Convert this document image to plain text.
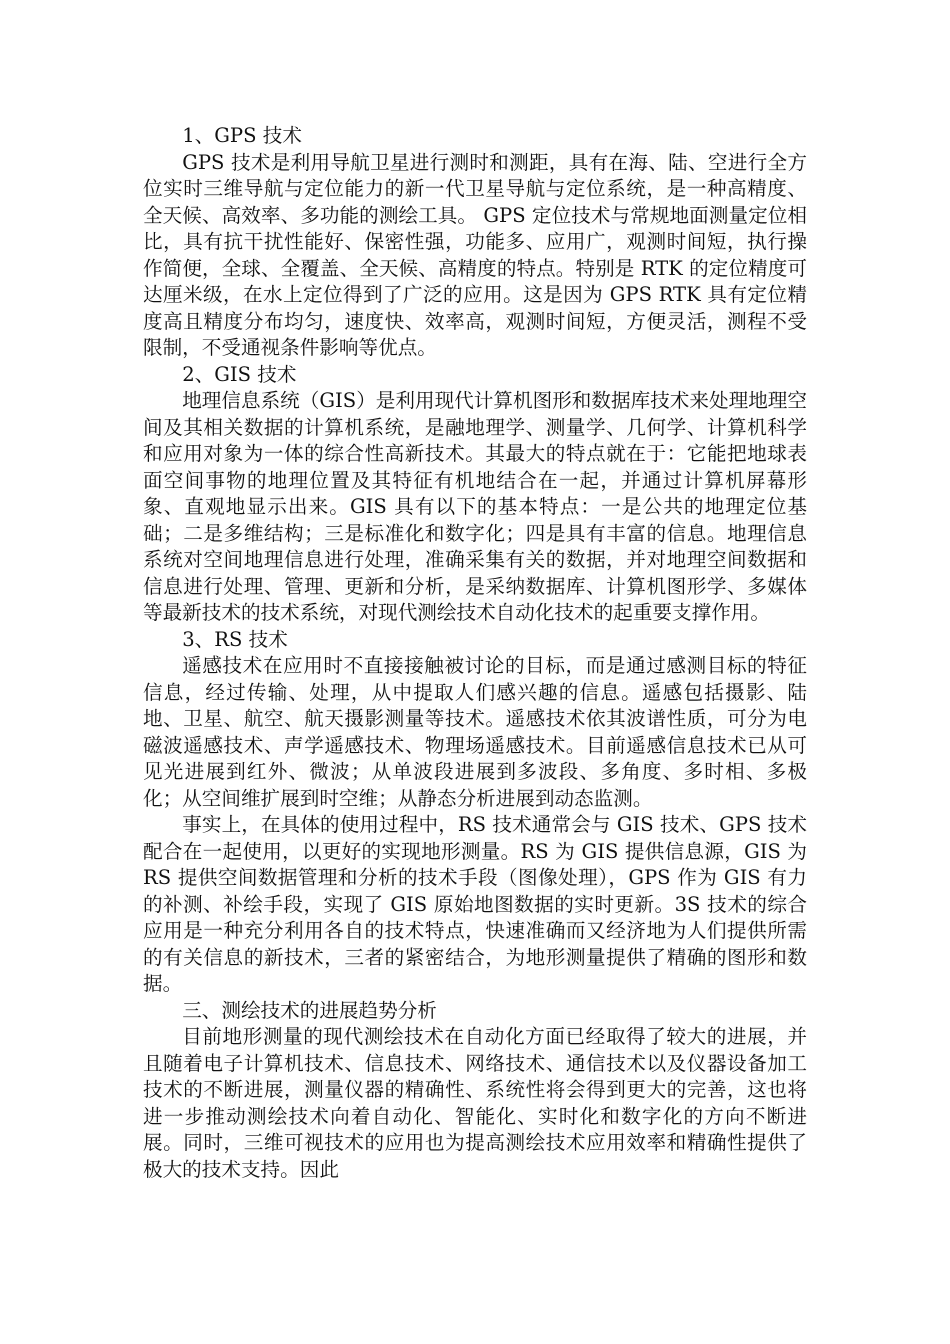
1、GPS 技术

GPS 技术是利用导航卫星进行测时和测距，具有在海、陆、空进行全方位实时三维导航与定位能力的新一代卫星导航与定位系统，是一种高精度、全天候、高效率、多功能的测绘工具。 GPS 定位技术与常规地面测量定位相比，具有抗干扰性能好、保密性强，功能多、应用广，观测时间短，执行操作简便，全球、全覆盖、全天候、高精度的特点。特别是 RTK 的定位精度可达厘米级，在水上定位得到了广泛的应用。这是因为 GPS RTK 具有定位精度高且精度分布均匀，速度快、效率高，观测时间短，方便灵活，测程不受限制，不受通视条件影响等优点。

2、GIS 技术

地理信息系统（GIS）是利用现代计算机图形和数据库技术来处理地理空间及其相关数据的计算机系统，是融地理学、测量学、几何学、计算机科学和应用对象为一体的综合性高新技术。其最大的特点就在于：它能把地球表面空间事物的地理位置及其特征有机地结合在一起，并通过计算机屏幕形象、直观地显示出来。GIS 具有以下的基本特点：一是公共的地理定位基础；二是多维结构；三是标准化和数字化；四是具有丰富的信息。地理信息系统对空间地理信息进行处理，准确采集有关的数据，并对地理空间数据和信息进行处理、管理、更新和分析，是采纳数据库、计算机图形学、多媒体等最新技术的技术系统，对现代测绘技术自动化技术的起重要支撑作用。

3、RS 技术

遥感技术在应用时不直接接触被讨论的目标，而是通过感测目标的特征信息，经过传输、处理，从中提取人们感兴趣的信息。遥感包括摄影、陆地、卫星、航空、航天摄影测量等技术。遥感技术依其波谱性质，可分为电磁波遥感技术、声学遥感技术、物理场遥感技术。目前遥感信息技术已从可见光进展到红外、微波；从单波段进展到多波段、多角度、多时相、多极化；从空间维扩展到时空维；从静态分析进展到动态监测。

事实上，在具体的使用过程中，RS 技术通常会与 GIS 技术、GPS 技术配合在一起使用，以更好的实现地形测量。RS 为 GIS 提供信息源，GIS 为 RS 提供空间数据管理和分析的技术手段（图像处理），GPS 作为 GIS 有力的补测、补绘手段，实现了 GIS 原始地图数据的实时更新。3S 技术的综合应用是一种充分利用各自的技术特点，快速准确而又经济地为人们提供所需的有关信息的新技术，三者的紧密结合，为地形测量提供了精确的图形和数据。

三、测绘技术的进展趋势分析

目前地形测量的现代测绘技术在自动化方面已经取得了较大的进展，并且随着电子计算机技术、信息技术、网络技术、通信技术以及仪器设备加工技术的不断进展，测量仪器的精确性、系统性将会得到更大的完善，这也将进一步推动测绘技术向着自动化、智能化、实时化和数字化的方向不断进展。同时，三维可视技术的应用也为提高测绘技术应用效率和精确性提供了极大的技术支持。因此
